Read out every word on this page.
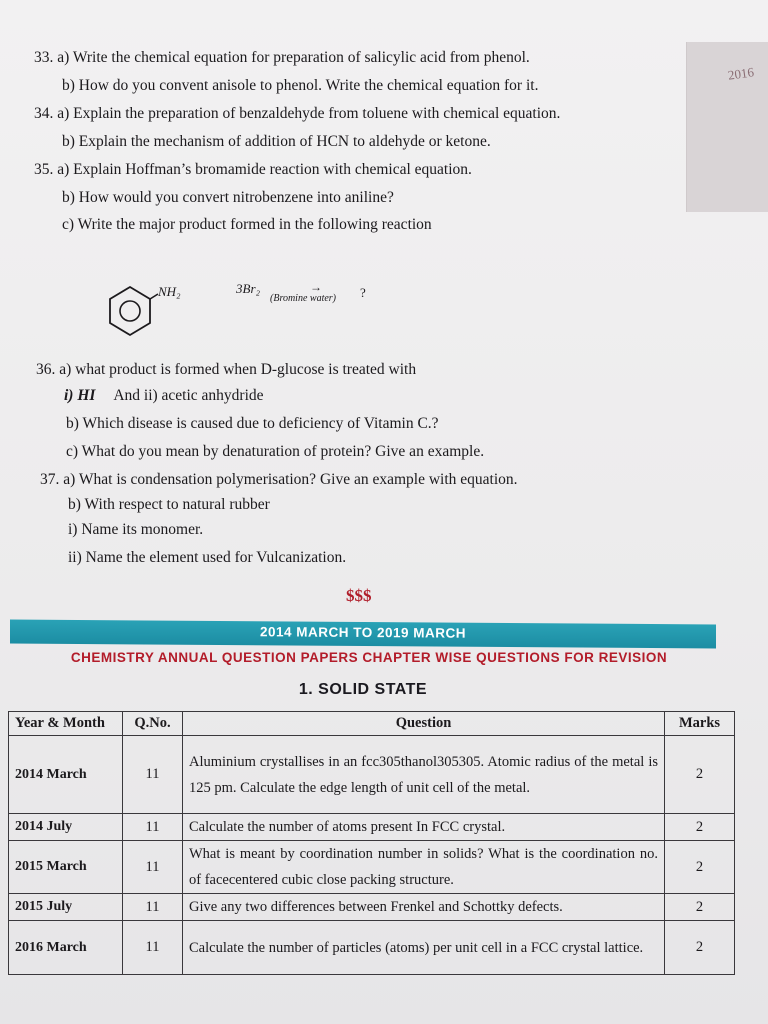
2016
33. a) Write the chemical equation for preparation of salicylic acid from phenol.
b) How do you convent anisole to phenol. Write the chemical equation for it.
34. a) Explain the preparation of benzaldehyde from toluene with chemical equation.
b) Explain the mechanism of addition of HCN to aldehyde or ketone.
35. a) Explain Hoffman’s bromamide reaction with chemical equation.
b) How would you convert nitrobenzene into aniline?
c) Write the major product formed in the following reaction
NH₂	3Br₂	→
(Bromine water) ?
36. a) what product is formed when D-glucose is treated with
i) HI And ii) acetic anhydride
b) Which disease is caused due to deficiency of Vitamin C.?
c) What do you mean by denaturation of protein? Give an example.
37. a) What is condensation polymerisation? Give an example with equation.
b) With respect to natural rubber
i) Name its monomer.
ii) Name the element used for Vulcanization.
$$$
2014 MARCH TO 2019 MARCH
CHEMISTRY ANNUAL QUESTION PAPERS CHAPTER WISE QUESTIONS FOR REVISION
1. SOLID STATE
Year & Month	Q.No.	Question	Marks
2014 March	11	Aluminium crystallises in an fcc305thanol305305. Atomic radius of the metal is 125 pm. Calculate the edge length of unit cell of the metal.	2
2014 July	11	Calculate the number of atoms present In FCC crystal.	2
2015 March	11	What is meant by coordination number in solids? What is the coordination no. of facecentered cubic close packing structure.	2
2015 July	11	Give any two differences between Frenkel and Schottky defects.	2
2016 March	11	Calculate the number of particles (atoms) per unit cell in a FCC crystal lattice.	2
